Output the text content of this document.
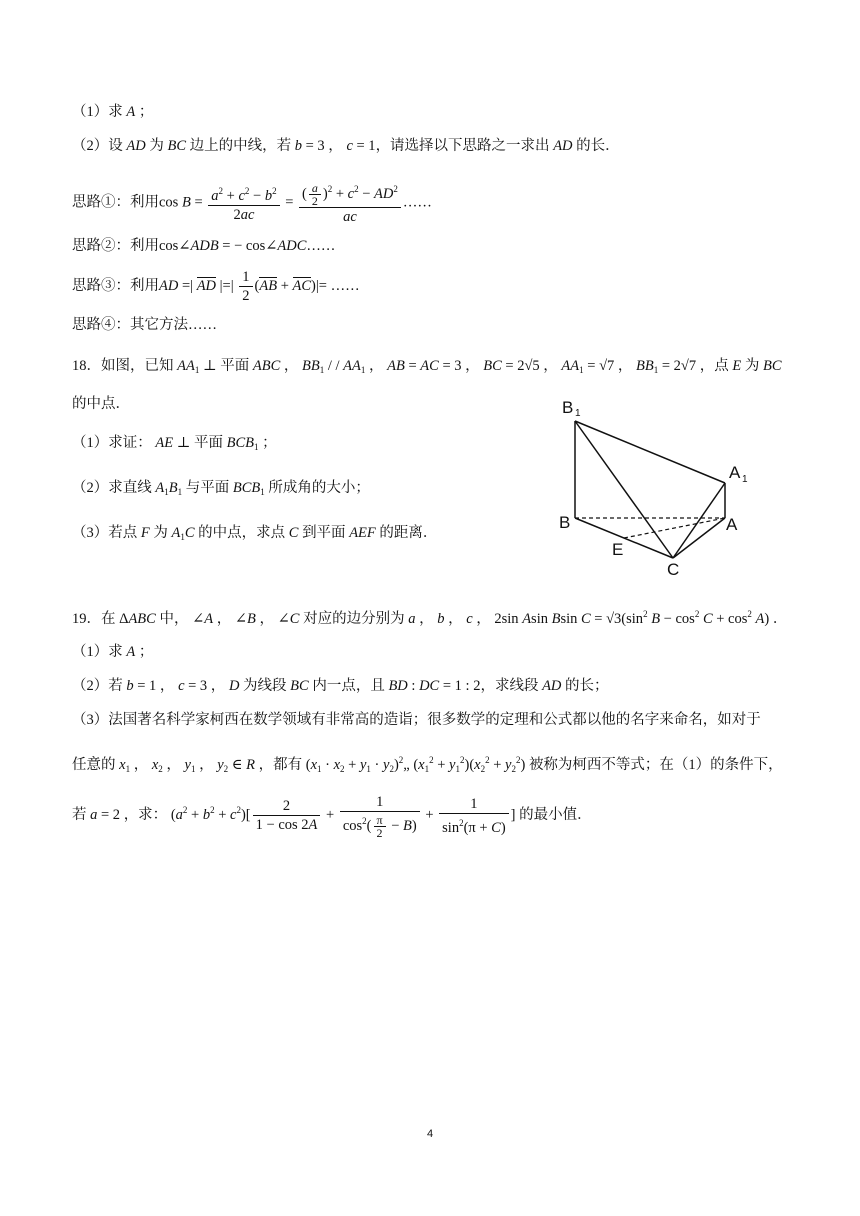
（1）求 A ；
（2）设 AD 为 BC 边上的中线，若 b = 3 ， c = 1，请选择以下思路之一求出 AD 的长．
思路①：利用$\cos B = \frac{a^2 + c^2 - b^2}{2ac} = \frac{( \frac{a}{2} )^2 + c^2 - AD^2}{ac}$ ……
思路②：利用cos∠ADB = − cos∠ADC……
思路③：利用AD =| AD |=| $\frac{1}{2} (AB + AC)|=$ ……
思路④：其它方法……
18．如图，已知 $AA_1$ ⊥ 平面 ABC ， $BB_1$ / / $AA_1$ ， AB = AC = 3 ， BC = 2√5 ， $AA_1 = √7$ ， $BB_1 = 2√7$ ，点 E 为 BC
的中点．
（1）求证： AE ⊥ 平面 $BCB_1$ ；
（2）求直线 $A_1B_1$ 与平面 $BCB_1$ 所成角的大小；
（3）若点 F 为 $A_1C$ 的中点，求点 C 到平面 AEF 的距离．
B 1
A 1
B	A
E
C
19．在 ΔABC 中， ∠A ， ∠B ， ∠C 对应的边分别为 a ， b ， c ， 2sin Asin Bsin $C = √3(\sin^2$ $B - \cos^2 C + \cos^2 A$) ．
（1）求 A ；
（2）若 b = 1 ， c = 3 ， D 为线段 BC 内一点，且 BD : DC = 1 : 2，求线段 AD 的长；
（3）法国著名科学家柯西在数学领域有非常高的造诣；很多数学的定理和公式都以他的名字来命名，如对于
任意的 $x_1$ ， $x_2$ ， $y_1$ ， $y_2$ ∈ R ，都有 ($x_1 \cdot x_2 + y_1$ · $y_2)^2„$ $(x_1^2 + y_1^2)(x_2^2 + y_2^2)$ 被称为柯西不等式；在（1）的条件下，
若 a = 2 ，求： $(a^2 + b^2 + c^2)[ \frac{2}{1 - \cos 2A} + \frac{1}{\cos^2( \frac{\pi}{2} - B)} + \frac{1}{\sin^2(\pi + C)}$ ] 的最小值．
4
